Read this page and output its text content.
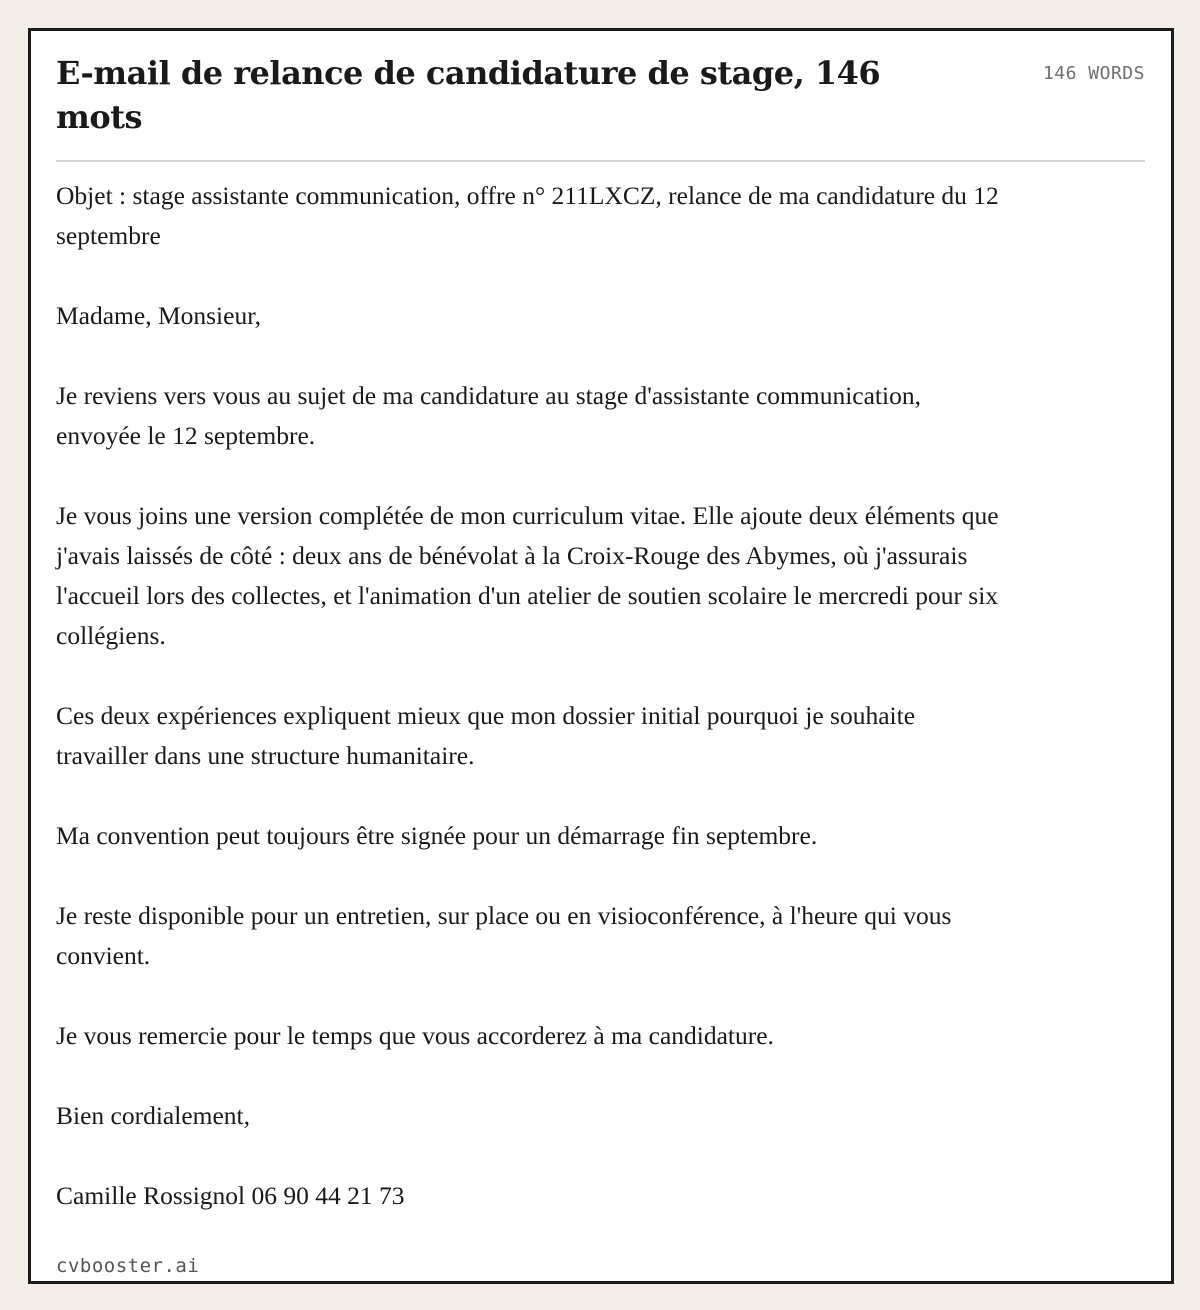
E-mail de relance de candidature de stage, 146 mots
146 WORDS

Objet : stage assistante communication, offre n° 211LXCZ, relance de ma candidature du 12 septembre

Madame, Monsieur,

Je reviens vers vous au sujet de ma candidature au stage d'assistante communication, envoyée le 12 septembre.

Je vous joins une version complétée de mon curriculum vitae. Elle ajoute deux éléments que j'avais laissés de côté : deux ans de bénévolat à la Croix-Rouge des Abymes, où j'assurais l'accueil lors des collectes, et l'animation d'un atelier de soutien scolaire le mercredi pour six collégiens.

Ces deux expériences expliquent mieux que mon dossier initial pourquoi je souhaite travailler dans une structure humanitaire.

Ma convention peut toujours être signée pour un démarrage fin septembre.

Je reste disponible pour un entretien, sur place ou en visioconférence, à l'heure qui vous convient.

Je vous remercie pour le temps que vous accorderez à ma candidature.

Bien cordialement,

Camille Rossignol 06 90 44 21 73

cvbooster.ai
